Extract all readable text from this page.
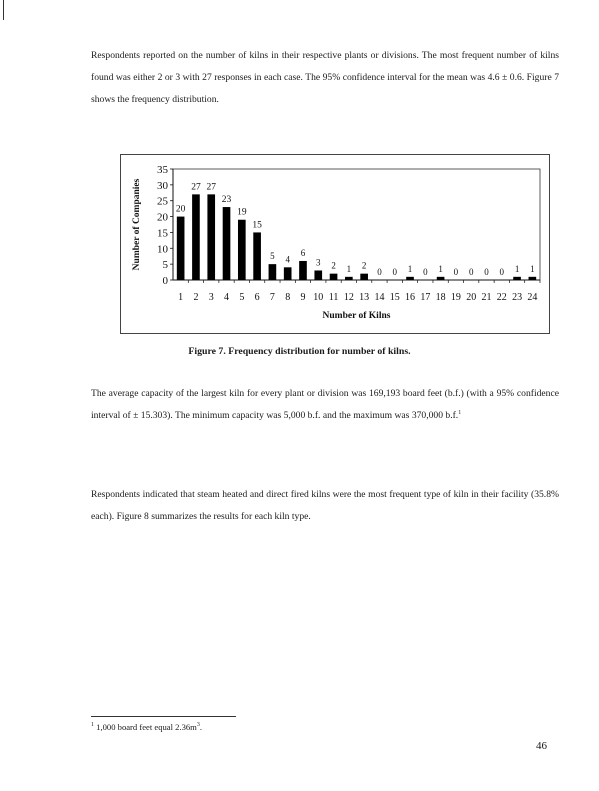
Respondents reported on the number of kilns in their respective plants or divisions. The most frequent number of kilns found was either 2 or 3 with 27 responses in each case. The 95% confidence interval for the mean was 4.6 ± 0.6. Figure 7 shows the frequency distribution.
0
5
10
15
20
25
30
35
Number of Companies	20
1
27
2
27
3
23
4
19
5
15
6
5
7
4
8
6
9
3
10
2
11
1
12
2
13
0
14
0
15
1
16
0
17
1
18
0
19
0
20
0
21
0
22
1
23
1
24
Number of Kilns
Figure 7. Frequency distribution for number of kilns.
The average capacity of the largest kiln for every plant or division was 169,193 board feet (b.f.) (with a 95% confidence interval of ± 15.303). The minimum capacity was 5,000 b.f. and the maximum was 370,000 b.f.$^1$
Respondents indicated that steam heated and direct fired kilns were the most frequent type of kiln in their facility (35.8% each). Figure 8 summarizes the results for each kiln type.
$^1$ 1,000 board feet equal $2.36m^3$.
46
